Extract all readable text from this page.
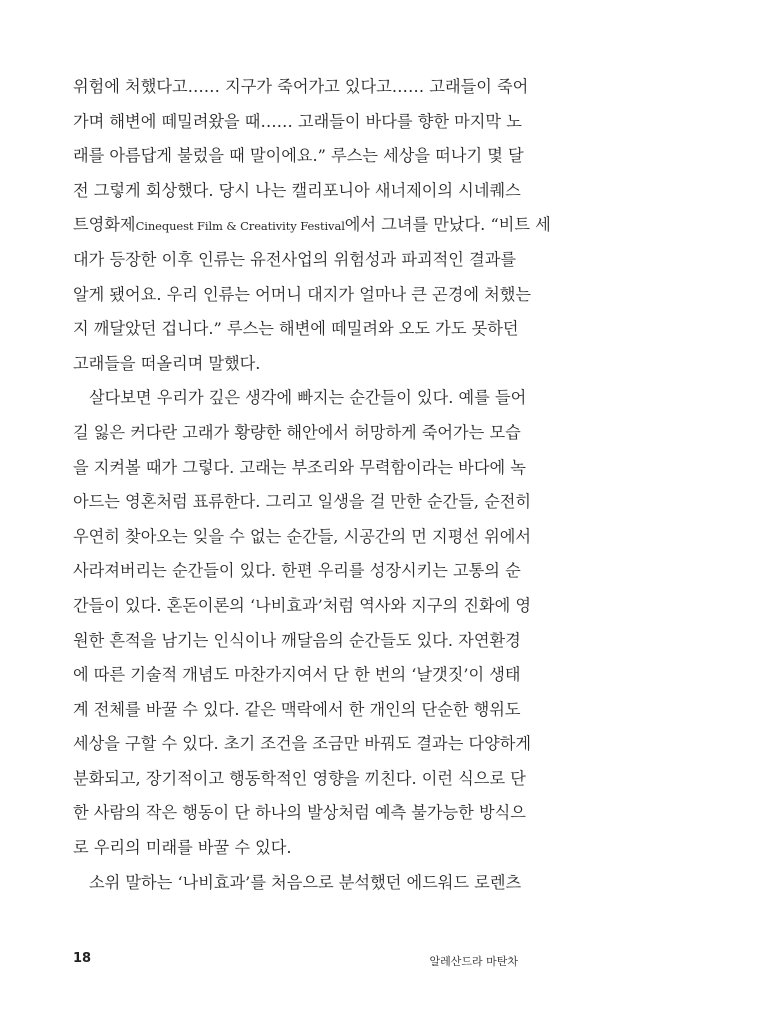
위험에 처했다고…… 지구가 죽어가고 있다고…… 고래들이 죽어
가며 해변에 떼밀려왔을 때…… 고래들이 바다를 향한 마지막 노
래를 아름답게 불렀을 때 말이에요.” 루스는 세상을 떠나기 몇 달
전 그렇게 회상했다. 당시 나는 캘리포니아 새너제이의 시네퀘스
트영화제Cinequest Film & Creativity Festival에서 그녀를 만났다. “비트 세
대가 등장한 이후 인류는 유전사업의 위험성과 파괴적인 결과를
알게 됐어요. 우리 인류는 어머니 대지가 얼마나 큰 곤경에 처했는
지 깨달았던 겁니다.” 루스는 해변에 떼밀려와 오도 가도 못하던
고래들을 떠올리며 말했다.
살다보면 우리가 깊은 생각에 빠지는 순간들이 있다. 예를 들어
길 잃은 커다란 고래가 황량한 해안에서 허망하게 죽어가는 모습
을 지켜볼 때가 그렇다. 고래는 부조리와 무력함이라는 바다에 녹
아드는 영혼처럼 표류한다. 그리고 일생을 걸 만한 순간들, 순전히
우연히 찾아오는 잊을 수 없는 순간들, 시공간의 먼 지평선 위에서
사라져버리는 순간들이 있다. 한편 우리를 성장시키는 고통의 순
간들이 있다. 혼돈이론의 ‘나비효과’처럼 역사와 지구의 진화에 영
원한 흔적을 남기는 인식이나 깨달음의 순간들도 있다. 자연환경
에 따른 기술적 개념도 마찬가지여서 단 한 번의 ‘날갯짓’이 생태
계 전체를 바꿀 수 있다. 같은 맥락에서 한 개인의 단순한 행위도
세상을 구할 수 있다. 초기 조건을 조금만 바꿔도 결과는 다양하게
분화되고, 장기적이고 행동학적인 영향을 끼친다. 이런 식으로 단
한 사람의 작은 행동이 단 하나의 발상처럼 예측 불가능한 방식으
로 우리의 미래를 바꿀 수 있다.
소위 말하는 ‘나비효과’를 처음으로 분석했던 에드워드 로렌츠
18	알레산드라 마탄차
